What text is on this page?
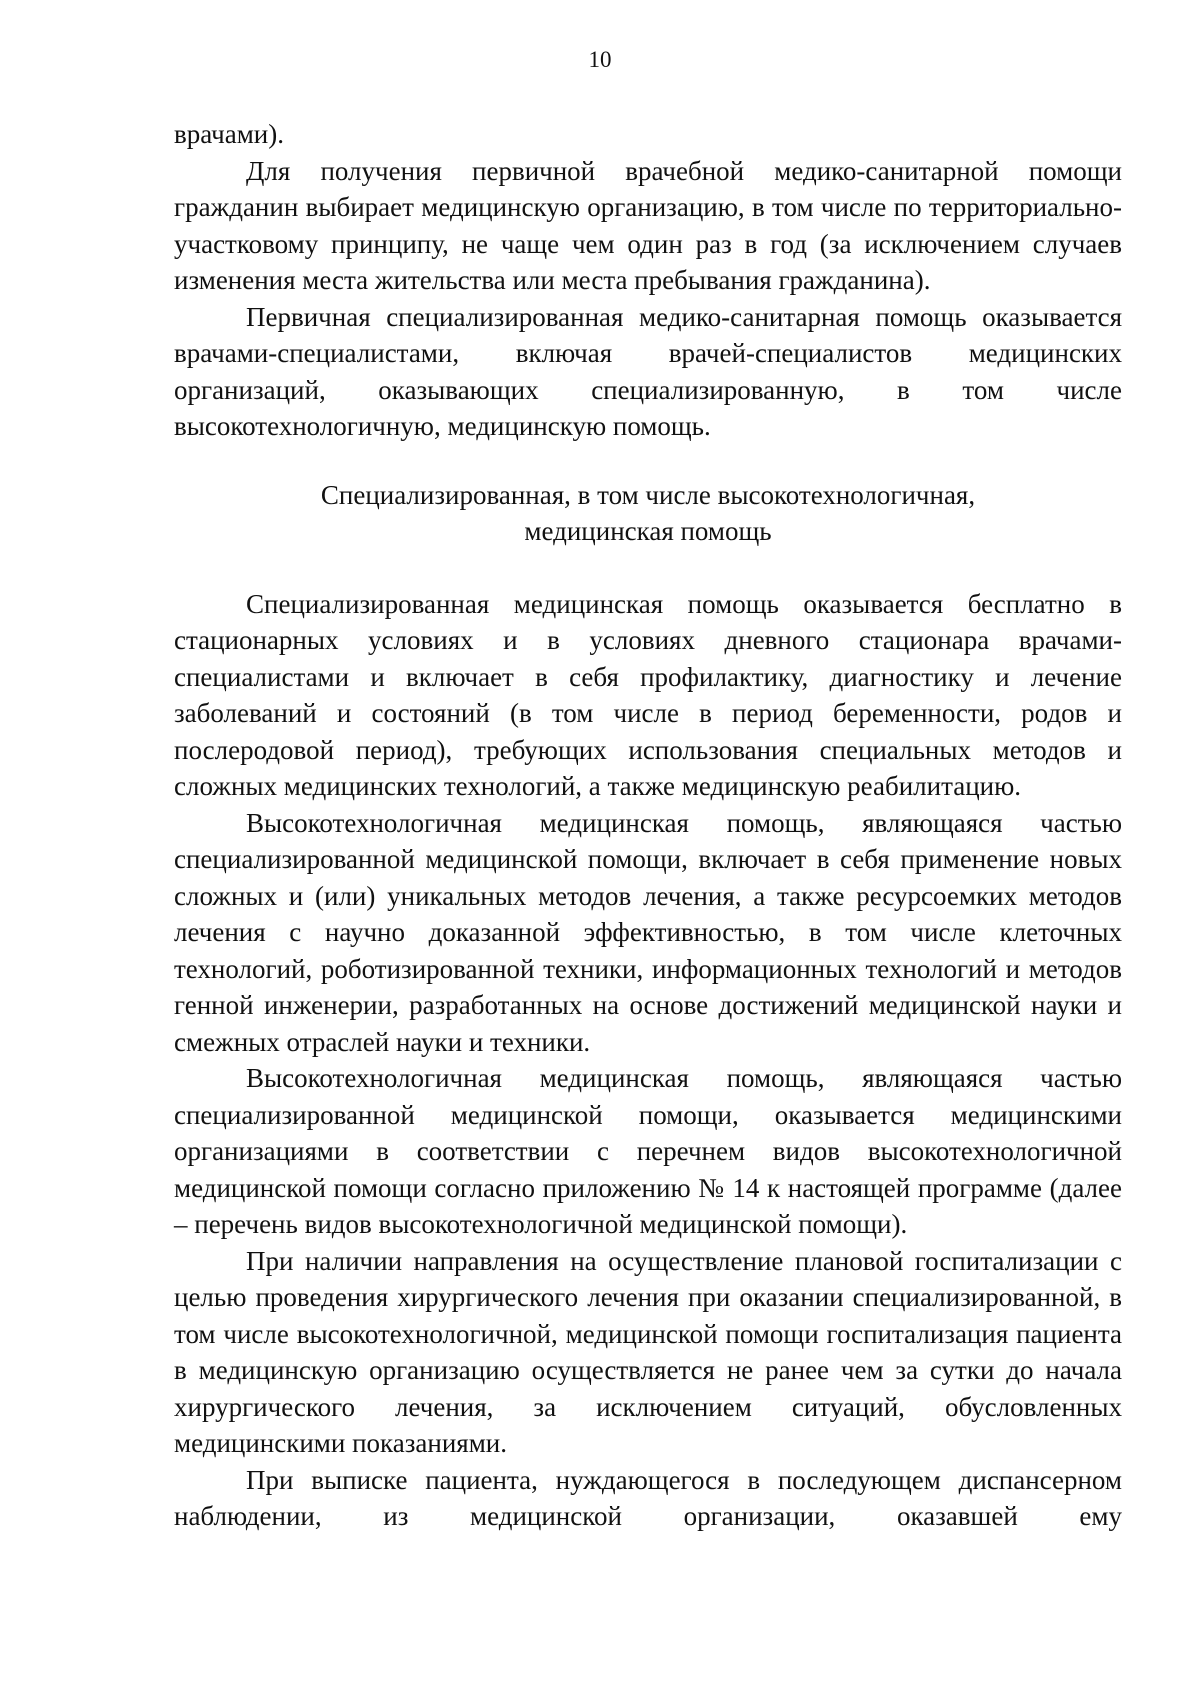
10

врачами).

Для получения первичной врачебной медико-санитарной помощи гражданин выбирает медицинскую организацию, в том числе по территориально-участковому принципу, не чаще чем один раз в год (за исключением случаев изменения места жительства или места пребывания гражданина).

Первичная специализированная медико-санитарная помощь оказывается врачами-специалистами, включая врачей-специалистов медицинских организаций, оказывающих специализированную, в том числе высокотехнологичную, медицинскую помощь.

Специализированная, в том числе высокотехнологичная,
медицинская помощь

Специализированная медицинская помощь оказывается бесплатно в стационарных условиях и в условиях дневного стационара врачами-специалистами и включает в себя профилактику, диагностику и лечение заболеваний и состояний (в том числе в период беременности, родов и послеродовой период), требующих использования специальных методов и сложных медицинских технологий, а также медицинскую реабилитацию.

Высокотехнологичная медицинская помощь, являющаяся частью специализированной медицинской помощи, включает в себя применение новых сложных и (или) уникальных методов лечения, а также ресурсоемких методов лечения с научно доказанной эффективностью, в том числе клеточных технологий, роботизированной техники, информационных технологий и методов генной инженерии, разработанных на основе достижений медицинской науки и смежных отраслей науки и техники.

Высокотехнологичная медицинская помощь, являющаяся частью специализированной медицинской помощи, оказывается медицинскими организациями в соответствии с перечнем видов высокотехнологичной медицинской помощи согласно приложению № 14 к настоящей программе (далее – перечень видов высокотехнологичной медицинской помощи).

При наличии направления на осуществление плановой госпитализации с целью проведения хирургического лечения при оказании специализированной, в том числе высокотехнологичной, медицинской помощи госпитализация пациента в медицинскую организацию осуществляется не ранее чем за сутки до начала хирургического лечения, за исключением ситуаций, обусловленных медицинскими показаниями.

При выписке пациента, нуждающегося в последующем диспансерном наблюдении, из медицинской организации, оказавшей ему
